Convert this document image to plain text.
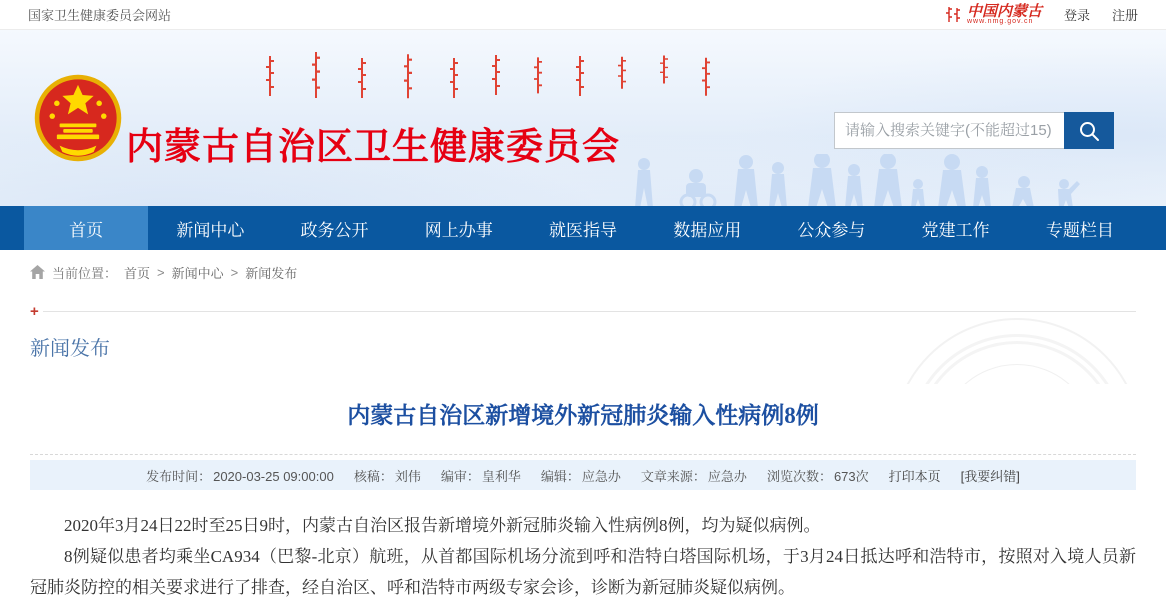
国家卫生健康委员会网站	中国内蒙古
www.nmg.gov.cn	登录 注册
内蒙古自治区卫生健康委员会
请输入搜索关键字(不能超过15)
首页	新闻中心	政务公开	网上办事	就医指导	数据应用	公众参与	党建工作	专题栏目
当前位置： 首页 > 新闻中心 > 新闻发布
+
新闻发布
内蒙古自治区新增境外新冠肺炎输入性病例8例
发布时间： 2020-03-25 09:00:00 核稿： 刘伟 编审： 皇利华 编辑： 应急办 文章来源： 应急办 浏览次数： 673次 打印本页 [我要纠错]

2020年3月24日22时至25日9时，内蒙古自治区报告新增境外新冠肺炎输入性病例8例，均为疑似病例。

8例疑似患者均乘坐CA934（巴黎-北京）航班，从首都国际机场分流到呼和浩特白塔国际机场，于3月24日抵达呼和浩特市，按照对入境人员新冠肺炎防控的相关要求进行了排查，经自治区、呼和浩特市两级专家会诊，诊断为新冠肺炎疑似病例。
